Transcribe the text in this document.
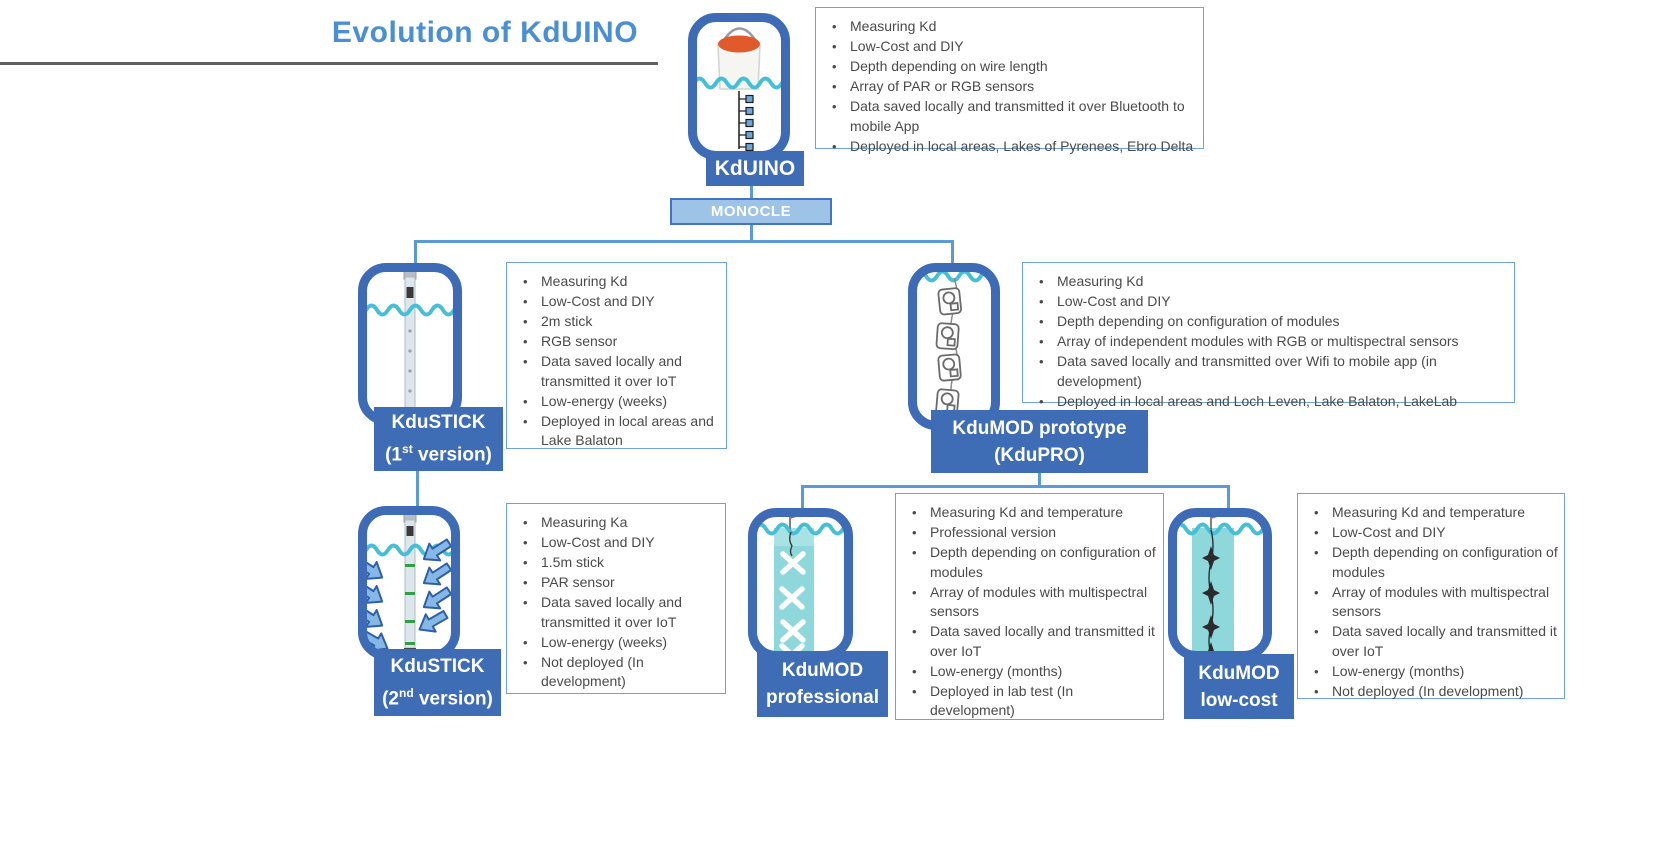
Evolution of KdUINO
KdUINO
MONOCLE
• Measuring Kd
• Low-Cost and DIY
• Depth depending on wire length
• Array of PAR or RGB sensors
• Data saved locally and transmitted it over Bluetooth to mobile App
• Deployed in local areas, Lakes of Pyrenees, Ebro Delta
KduSTICK
(1st version)
• Measuring Kd
• Low-Cost and DIY
• 2m stick
• RGB sensor
• Data saved locally and transmitted it over IoT
• Low-energy (weeks)
• Deployed in local areas and Lake Balaton
KduMOD prototype
(KduPRO)
• Measuring Kd
• Low-Cost and DIY
• Depth depending on configuration of modules
• Array of independent modules with RGB or multispectral sensors
• Data saved locally and transmitted over Wifi to mobile app (in development)
• Deployed in local areas and Loch Leven, Lake Balaton, LakeLab
KduSTICK
(2nd version)
• Measuring Ka
• Low-Cost and DIY
• 1.5m stick
• PAR sensor
• Data saved locally and transmitted it over IoT
• Low-energy (weeks)
• Not deployed (In development)	KduMOD
professional
• Measuring Kd and temperature
• Professional version
• Depth depending on configuration of modules
• Array of modules with multispectral sensors
• Data saved locally and transmitted it over IoT
• Low-energy (months)
• Deployed in lab test (In development)
KduMOD
low-cost
• Measuring Kd and temperature
• Low-Cost and DIY
• Depth depending on configuration of modules
• Array of modules with multispectral sensors
• Data saved locally and transmitted it over IoT
• Low-energy (months)
• Not deployed (In development)
